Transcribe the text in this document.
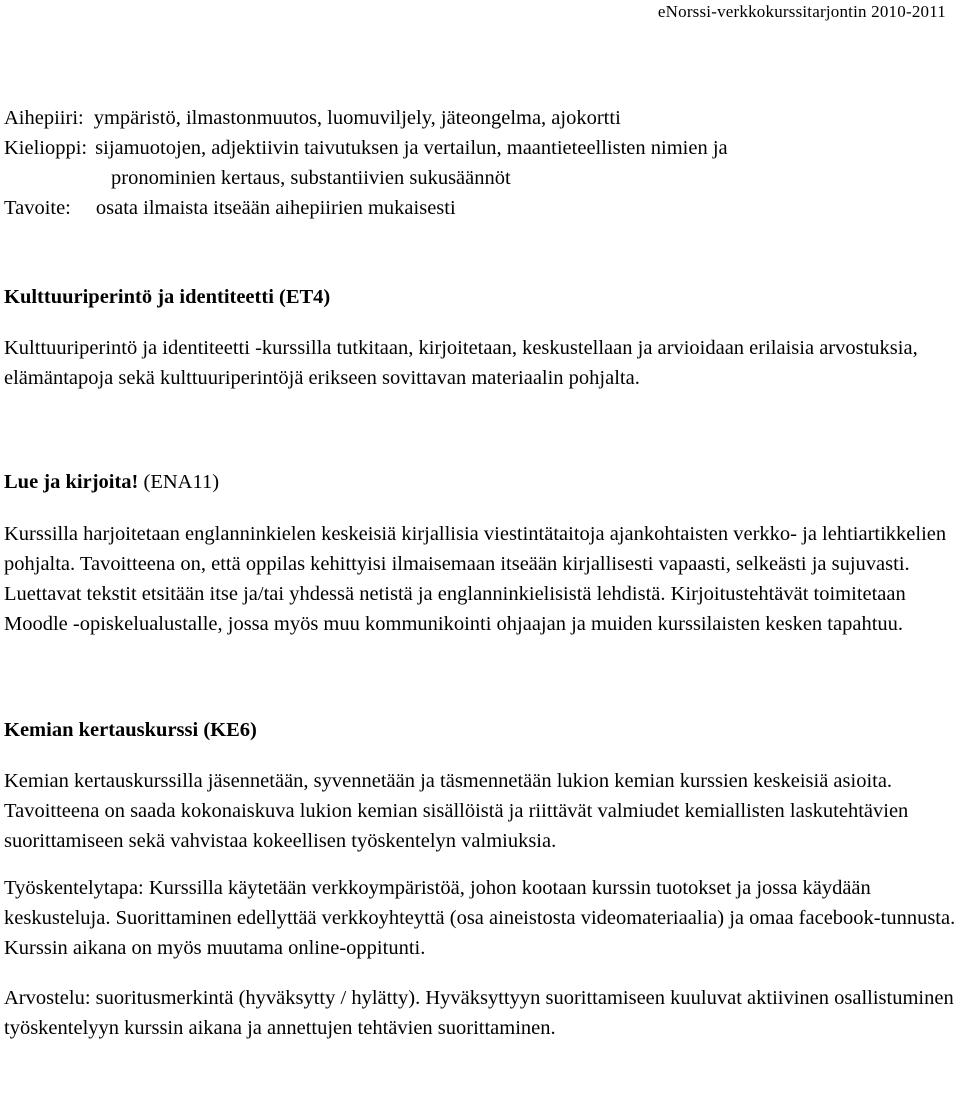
eNorssi-verkkokurssitarjontin 2010-2011
Aihepiiri: ympäristö, ilmastonmuutos, luomuviljely, jäteongelma, ajokortti
Kielioppi: sijamuotojen, adjektiivin taivutuksen ja vertailun, maantieteellisten nimien ja
pronominien kertaus, substantiivien sukusäännöt
Tavoite:	osata ilmaista itseään aihepiirien mukaisesti
Kulttuuriperintö ja identiteetti (ET4)

Kulttuuriperintö ja identiteetti -kurssilla tutkitaan, kirjoitetaan, keskustellaan ja arvioidaan erilaisia arvostuksia, elämäntapoja sekä kulttuuriperintöjä erikseen sovittavan materiaalin pohjalta.

Lue ja kirjoita! (ENA11)

Kurssilla harjoitetaan englanninkielen keskeisiä kirjallisia viestintätaitoja ajankohtaisten verkko- ja lehtiartikkelien pohjalta. Tavoitteena on, että oppilas kehittyisi ilmaisemaan itseään kirjallisesti vapaasti, selkeästi ja sujuvasti. Luettavat tekstit etsitään itse ja/tai yhdessä netistä ja englanninkielisistä lehdistä. Kirjoitustehtävät toimitetaan Moodle -opiskelualustalle, jossa myös muu kommunikointi ohjaajan ja muiden kurssilaisten kesken tapahtuu.

Kemian kertauskurssi (KE6)

Kemian kertauskurssilla jäsennetään, syvennetään ja täsmennetään lukion kemian kurssien keskeisiä asioita. Tavoitteena on saada kokonaiskuva lukion kemian sisällöistä ja riittävät valmiudet kemiallisten laskutehtävien suorittamiseen sekä vahvistaa kokeellisen työskentelyn valmiuksia.

Työskentelytapa: Kurssilla käytetään verkkoympäristöä, johon kootaan kurssin tuotokset ja jossa käydään keskusteluja. Suorittaminen edellyttää verkkoyhteyttä (osa aineistosta videomateriaalia) ja omaa facebook-tunnusta. Kurssin aikana on myös muutama online-oppitunti.

Arvostelu: suoritusmerkintä (hyväksytty / hylätty). Hyväksyttyyn suorittamiseen kuuluvat aktiivinen osallistuminen työskentelyyn kurssin aikana ja annettujen tehtävien suorittaminen.
